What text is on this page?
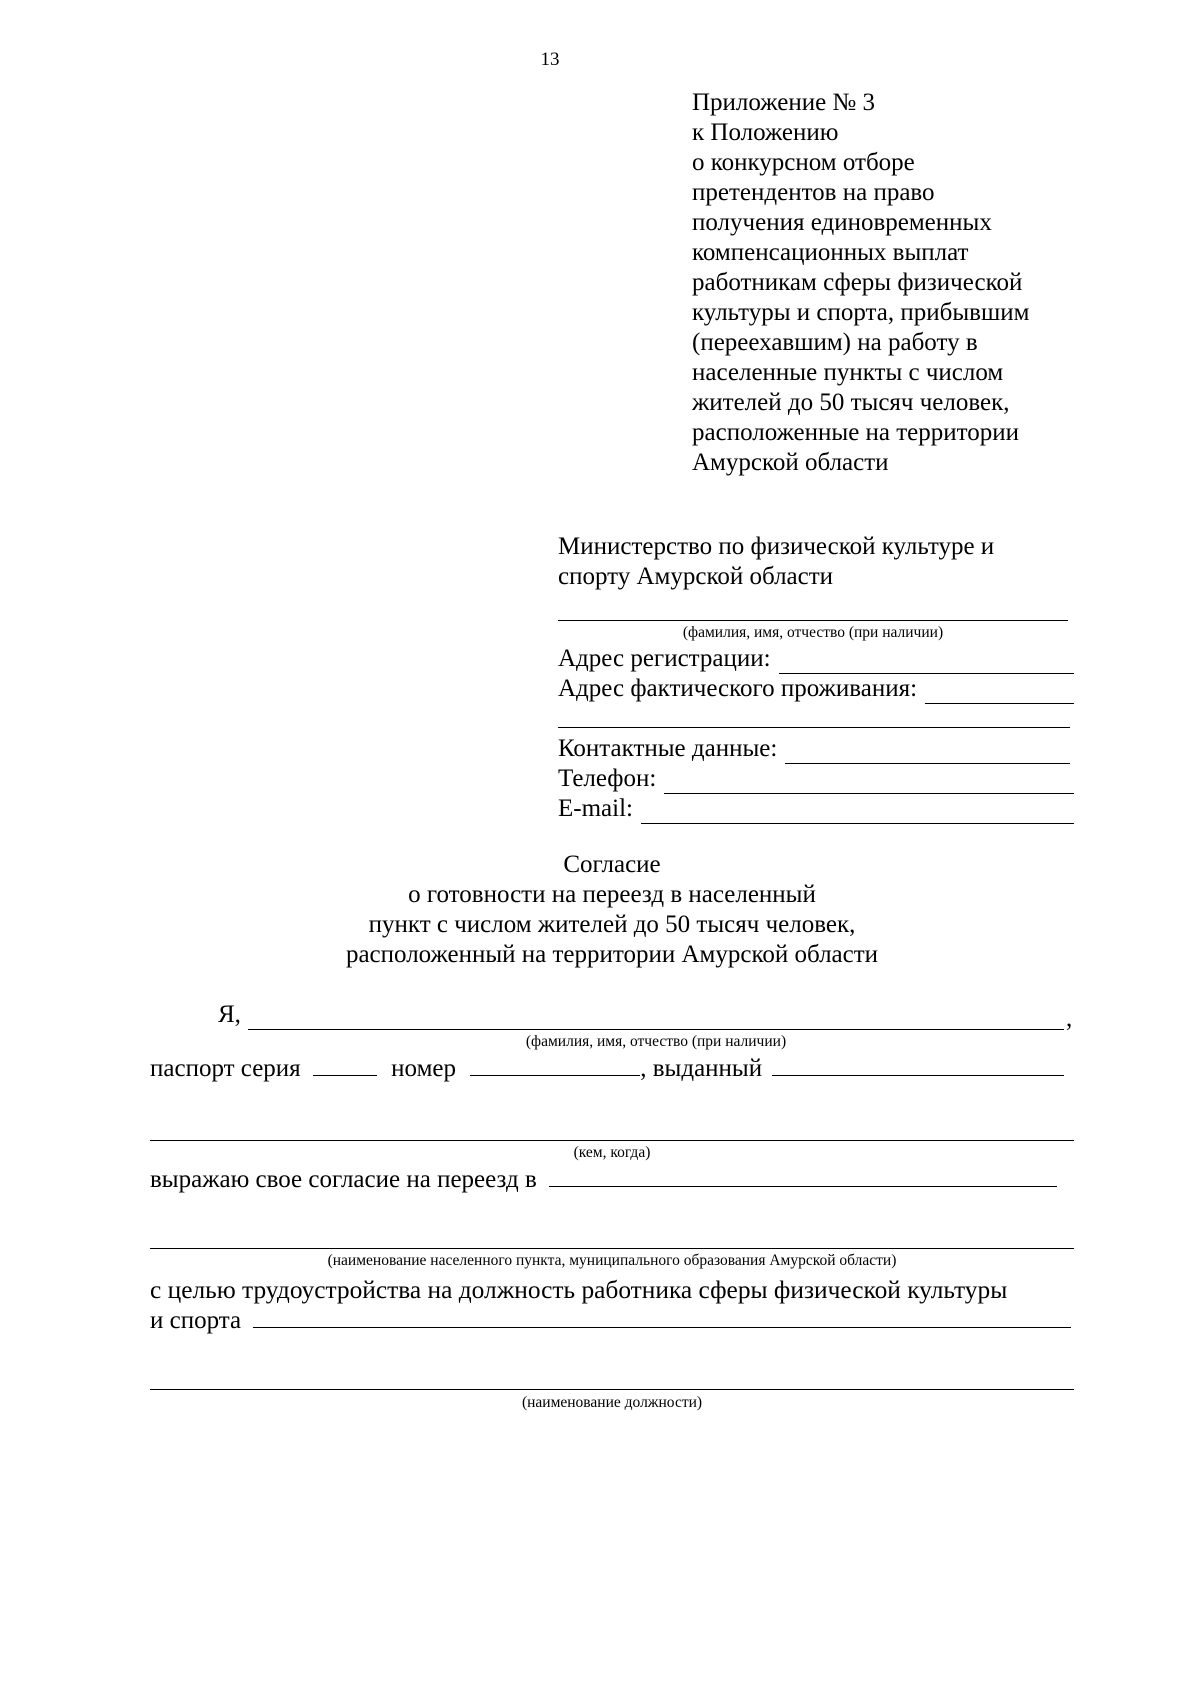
13
Приложение № 3
к Положению
о конкурсном отборе
претендентов на право
получения единовременных
компенсационных выплат
работникам сферы физической
культуры и спорта, прибывшим
(переехавшим) на работу в
населенные пункты с числом
жителей до 50 тысяч человек,
расположенные на территории
Амурской области
Министерство по физической культуре и
спорту Амурской области
(фамилия, имя, отчество (при наличии)
Адрес регистрации:
Адрес фактического проживания:
Контактные данные:
Телефон:
E-mail:
Согласие
о готовности на переезд в населенный
пункт с числом жителей до 50 тысяч человек,
расположенный на территории Амурской области
Я,	,
(фамилия, имя, отчество (при наличии)
паспорт серия	номер	, выданный
(кем, когда)
выражаю свое согласие на переезд в
(наименование населенного пункта, муниципального образования Амурской области)
с целью трудоустройства на должность работника сферы физической культуры
и спорта
(наименование должности)
